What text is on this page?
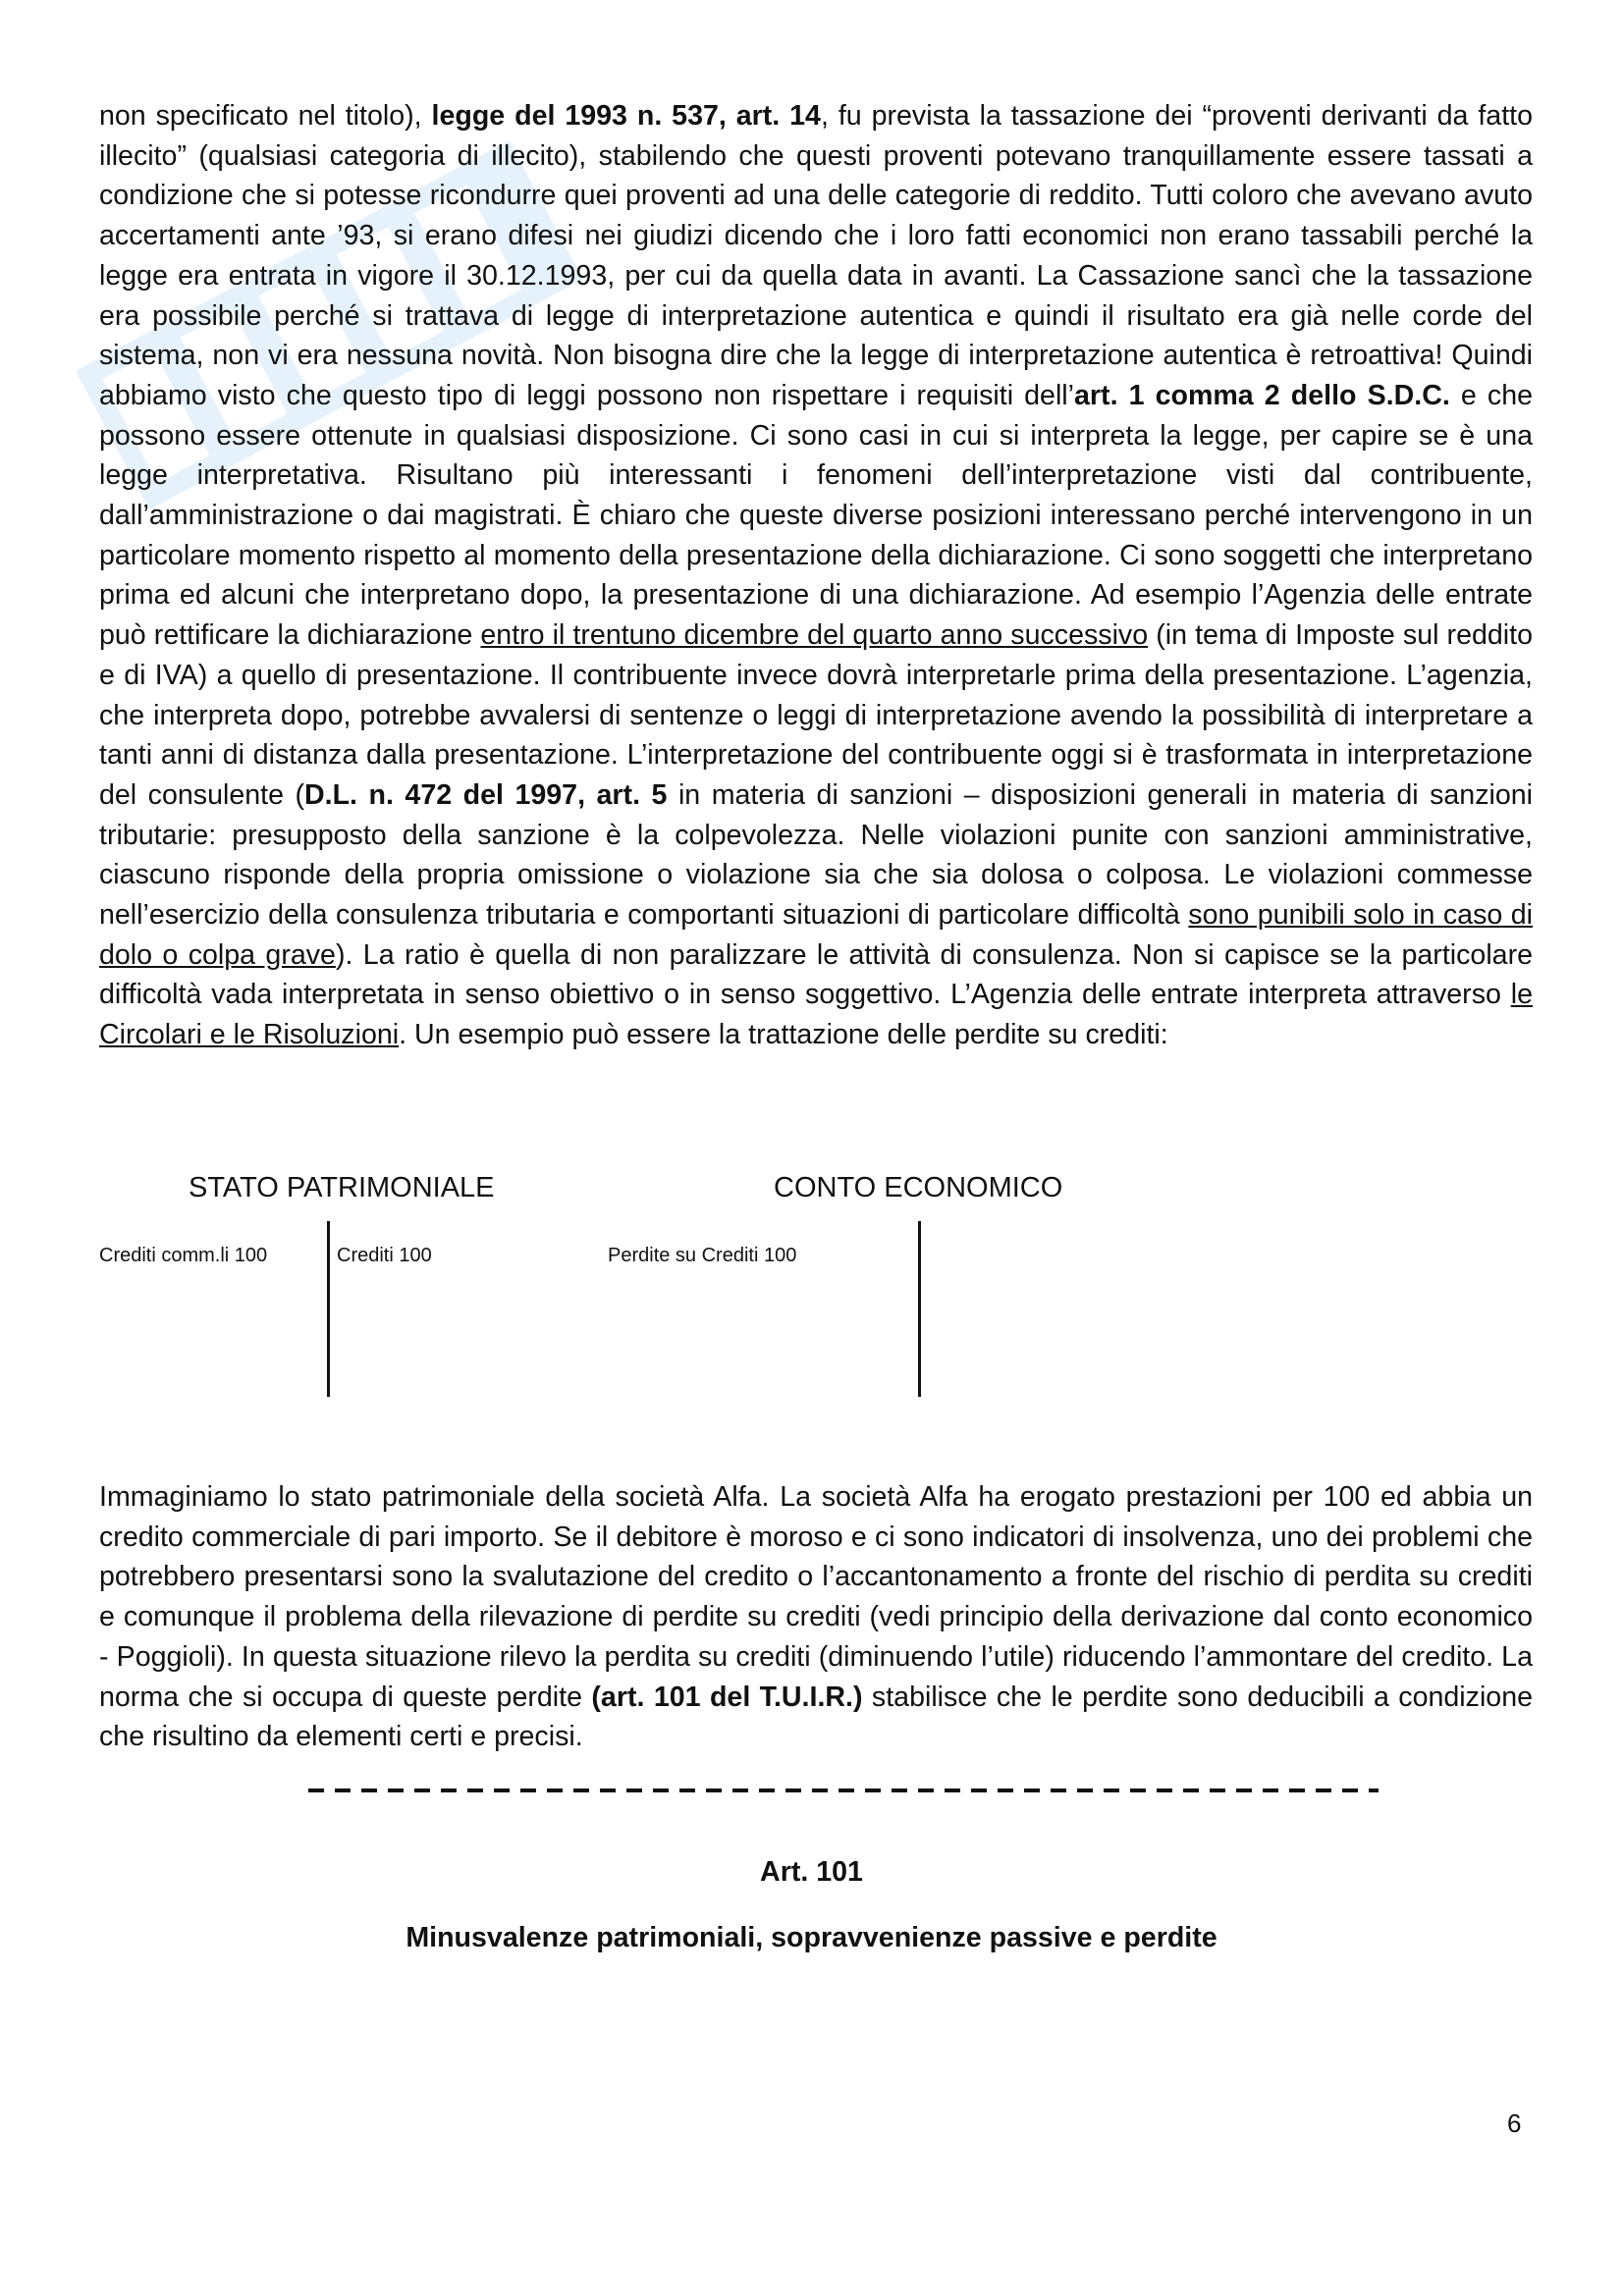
non specificato nel titolo), legge del 1993 n. 537, art. 14, fu prevista la tassazione dei “proventi derivanti da fatto illecito” (qualsiasi categoria di illecito), stabilendo che questi proventi potevano tranquillamente essere tassati a condizione che si potesse ricondurre quei proventi ad una delle categorie di reddito. Tutti coloro che avevano avuto accertamenti ante ’93, si erano difesi nei giudizi dicendo che i loro fatti economici non erano tassabili perché la legge era entrata in vigore il 30.12.1993, per cui da quella data in avanti. La Cassazione sancì che la tassazione era possibile perché si trattava di legge di interpretazione autentica e quindi il risultato era già nelle corde del sistema, non vi era nessuna novità. Non bisogna dire che la legge di interpretazione autentica è retroattiva! Quindi abbiamo visto che questo tipo di leggi possono non rispettare i requisiti dell’art. 1 comma 2 dello S.D.C. e che possono essere ottenute in qualsiasi disposizione. Ci sono casi in cui si interpreta la legge, per capire se è una legge interpretativa. Risultano più interessanti i fenomeni dell’interpretazione visti dal contribuente, dall’amministrazione o dai magistrati. È chiaro che queste diverse posizioni interessano perché intervengono in un particolare momento rispetto al momento della presentazione della dichiarazione. Ci sono soggetti che interpretano prima ed alcuni che interpretano dopo, la presentazione di una dichiarazione. Ad esempio l’Agenzia delle entrate può rettificare la dichiarazione entro il trentuno dicembre del quarto anno successivo (in tema di Imposte sul reddito e di IVA) a quello di presentazione. Il contribuente invece dovrà interpretarle prima della presentazione. L’agenzia, che interpreta dopo, potrebbe avvalersi di sentenze o leggi di interpretazione avendo la possibilità di interpretare a tanti anni di distanza dalla presentazione. L’interpretazione del contribuente oggi si è trasformata in interpretazione del consulente (D.L. n. 472 del 1997, art. 5 in materia di sanzioni – disposizioni generali in materia di sanzioni tributarie: presupposto della sanzione è la colpevolezza. Nelle violazioni punite con sanzioni amministrative, ciascuno risponde della propria omissione o violazione sia che sia dolosa o colposa. Le violazioni commesse nell’esercizio della consulenza tributaria e comportanti situazioni di particolare difficoltà sono punibili solo in caso di dolo o colpa grave). La ratio è quella di non paralizzare le attività di consulenza. Non si capisce se la particolare difficoltà vada interpretata in senso obiettivo o in senso soggettivo. L’Agenzia delle entrate interpreta attraverso le Circolari e le Risoluzioni. Un esempio può essere la trattazione delle perdite su crediti:

STATO PATRIMONIALE	CONTO ECONOMICO
Crediti comm.li 100	Crediti 100	Perdite su Crediti 100

Immaginiamo lo stato patrimoniale della società Alfa. La società Alfa ha erogato prestazioni per 100 ed abbia un credito commerciale di pari importo. Se il debitore è moroso e ci sono indicatori di insolvenza, uno dei problemi che potrebbero presentarsi sono la svalutazione del credito o l’accantonamento a fronte del rischio di perdita su crediti e comunque il problema della rilevazione di perdite su crediti (vedi principio della derivazione dal conto economico - Poggioli). In questa situazione rilevo la perdita su crediti (diminuendo l’utile) riducendo l’ammontare del credito. La norma che si occupa di queste perdite (art. 101 del T.U.I.R.) stabilisce che le perdite sono deducibili a condizione che risultino da elementi certi e precisi.

Art. 101
Minusvalenze patrimoniali, sopravvenienze passive e perdite
6
